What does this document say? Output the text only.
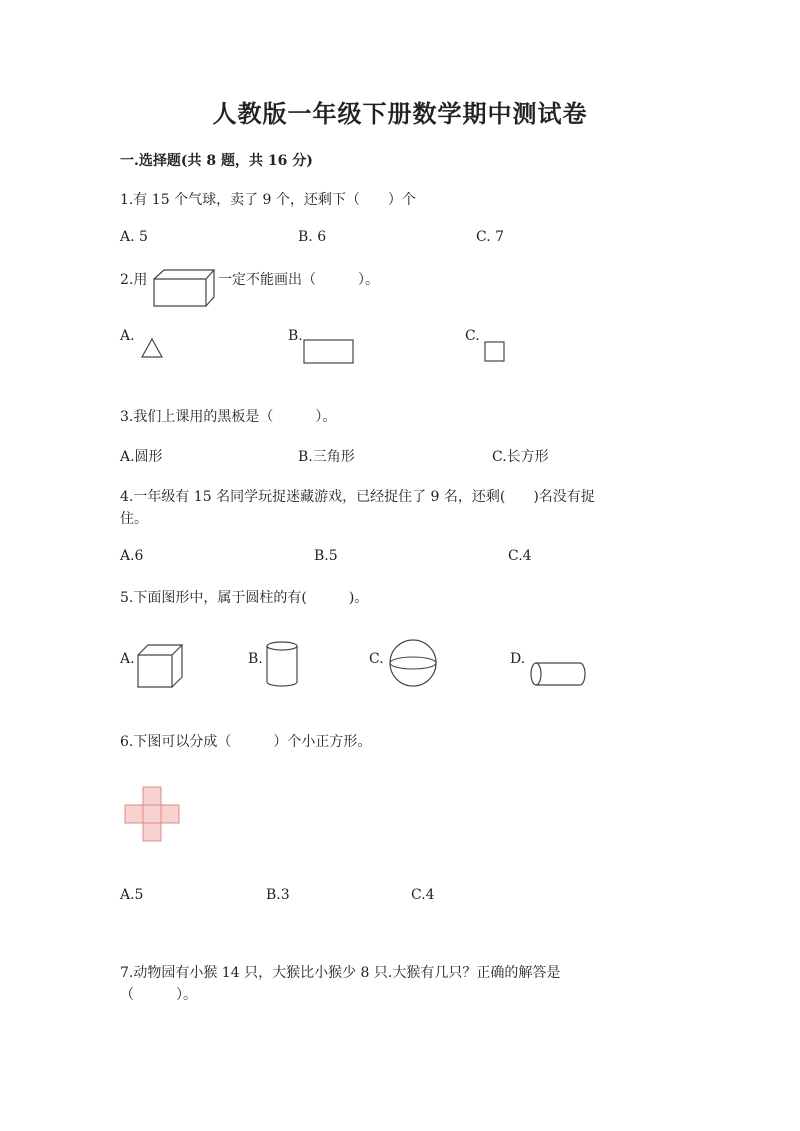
人教版一年级下册数学期中测试卷
一.选择题(共 8 题，共 16 分)
1.有 15 个气球，卖了 9 个，还剩下（　　）个
A. 5	B. 6	C. 7
2.用	一定不能画出（　　　）。
A.	B.	C.
3.我们上课用的黑板是（　　　）。
A.圆形	B.三角形	C.长方形
4.一年级有 15 名同学玩捉迷藏游戏，已经捉住了 9 名，还剩(　　)名没有捉
住。
A.6	B.5	C.4
5.下面图形中，属于圆柱的有(　　　)。
A.	B.	C.	D.
6.下图可以分成（　　　）个小正方形。
A.5	B.3	C.4
7.动物园有小猴 14 只，大猴比小猴少 8 只.大猴有几只？正确的解答是
（　　　）。
